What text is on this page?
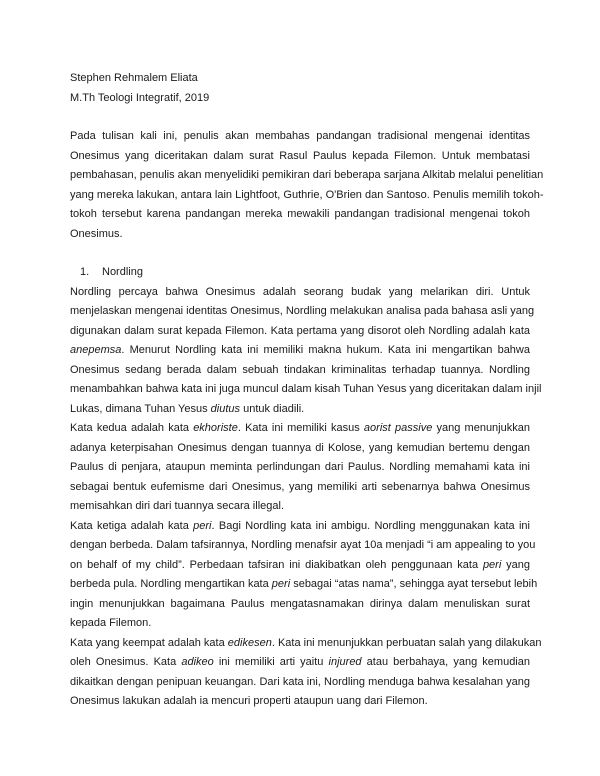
Stephen Rehmalem Eliata
M.Th Teologi Integratif, 2019
Pada tulisan kali ini, penulis akan membahas pandangan tradisional mengenai identitas
Onesimus yang diceritakan dalam surat Rasul Paulus kepada Filemon. Untuk membatasi
pembahasan, penulis akan menyelidiki pemikiran dari beberapa sarjana Alkitab melalui penelitian
yang mereka lakukan, antara lain Lightfoot, Guthrie, O'Brien dan Santoso. Penulis memilih tokoh-
tokoh tersebut karena pandangan mereka mewakili pandangan tradisional mengenai tokoh
Onesimus.
1. Nordling
Nordling percaya bahwa Onesimus adalah seorang budak yang melarikan diri. Untuk
menjelaskan mengenai identitas Onesimus, Nordling melakukan analisa pada bahasa asli yang
digunakan dalam surat kepada Filemon. Kata pertama yang disorot oleh Nordling adalah kata
anepemsa. Menurut Nordling kata ini memiliki makna hukum. Kata ini mengartikan bahwa
Onesimus sedang berada dalam sebuah tindakan kriminalitas terhadap tuannya. Nordling
menambahkan bahwa kata ini juga muncul dalam kisah Tuhan Yesus yang diceritakan dalam injil
Lukas, dimana Tuhan Yesus diutus untuk diadili.
Kata kedua adalah kata ekhoriste. Kata ini memiliki kasus aorist passive yang menunjukkan
adanya keterpisahan Onesimus dengan tuannya di Kolose, yang kemudian bertemu dengan
Paulus di penjara, ataupun meminta perlindungan dari Paulus. Nordling memahami kata ini
sebagai bentuk eufemisme dari Onesimus, yang memiliki arti sebenarnya bahwa Onesimus
memisahkan diri dari tuannya secara illegal.
Kata ketiga adalah kata peri. Bagi Nordling kata ini ambigu. Nordling menggunakan kata ini
dengan berbeda. Dalam tafsirannya, Nordling menafsir ayat 10a menjadi “i am appealing to you
on behalf of my child”. Perbedaan tafsiran ini diakibatkan oleh penggunaan kata peri yang
berbeda pula. Nordling mengartikan kata peri sebagai “atas nama”, sehingga ayat tersebut lebih
ingin menunjukkan bagaimana Paulus mengatasnamakan dirinya dalam menuliskan surat
kepada Filemon.
Kata yang keempat adalah kata edikesen. Kata ini menunjukkan perbuatan salah yang dilakukan
oleh Onesimus. Kata adikeo ini memiliki arti yaitu injured atau berbahaya, yang kemudian
dikaitkan dengan penipuan keuangan. Dari kata ini, Nordling menduga bahwa kesalahan yang
Onesimus lakukan adalah ia mencuri properti ataupun uang dari Filemon.
